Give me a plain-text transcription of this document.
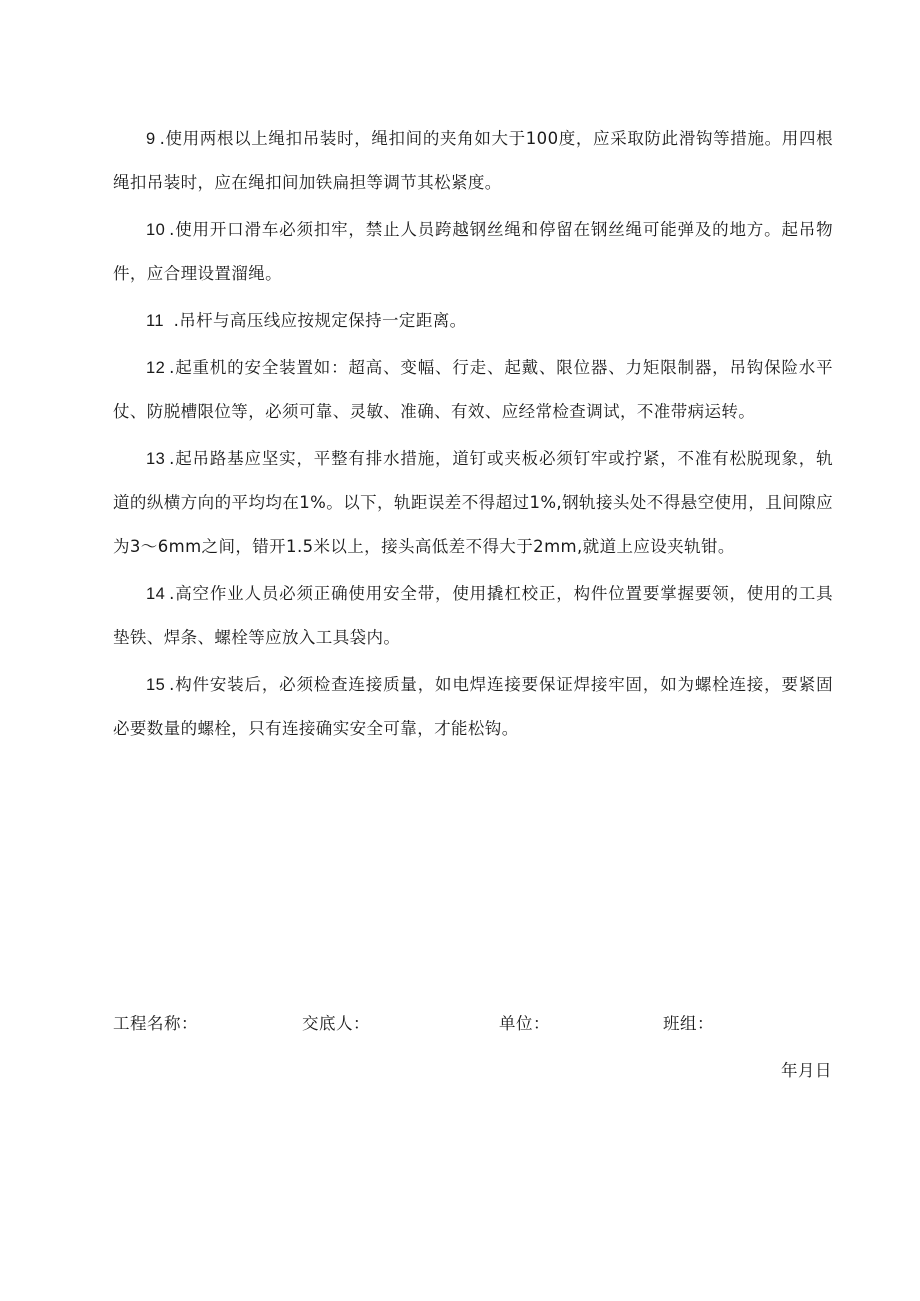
9 .使用两根以上绳扣吊装时，绳扣间的夹角如大于100度，应采取防此滑钩等措施。用四根绳扣吊装时，应在绳扣间加铁扁担等调节其松紧度。

10 .使用开口滑车必须扣牢，禁止人员跨越钢丝绳和停留在钢丝绳可能弹及的地方。起吊物件，应合理设置溜绳。

11 .吊杆与高压线应按规定保持一定距离。

12 .起重机的安全装置如：超高、变幅、行走、起戴、限位器、力矩限制器，吊钩保险水平仗、防脱槽限位等，必须可靠、灵敏、准确、有效、应经常检查调试，不准带病运转。

13 .起吊路基应坚实，平整有排水措施，道钉或夹板必须钉牢或拧紧，不准有松脱现象，轨道的纵横方向的平均均在1%。以下，轨距误差不得超过1%,钢轨接头处不得悬空使用，且间隙应为3～6mm之间，错开1.5米以上，接头高低差不得大于2mm,就道上应设夹轨钳。

14 .高空作业人员必须正确使用安全带，使用撬杠校正，构件位置要掌握要领，使用的工具垫铁、焊条、螺栓等应放入工具袋内。

15 .构件安装后，必须检查连接质量，如电焊连接要保证焊接牢固，如为螺栓连接，要紧固必要数量的螺栓，只有连接确实安全可靠，才能松钩。

工程名称：	交底人：	单位：	班组：
年月日
